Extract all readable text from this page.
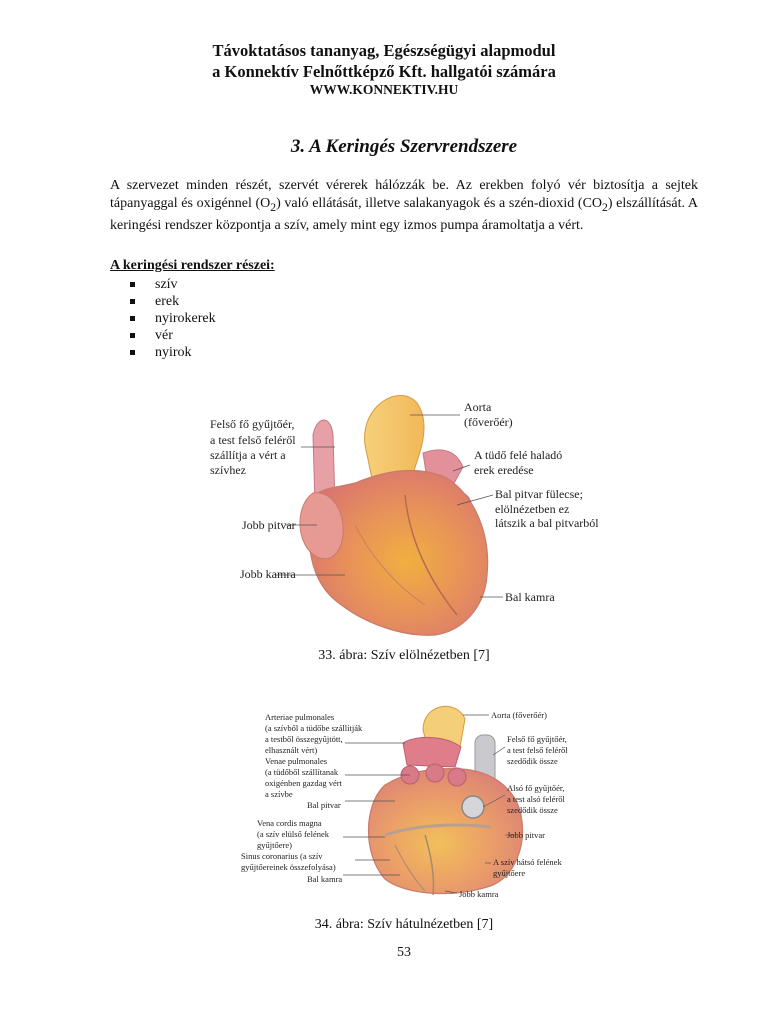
Távoktatásos tananyag, Egészségügyi alapmodul
a Konnektív Felnőttképző Kft. hallgatói számára
WWW.KONNEKTIV.HU
3. A Keringés Szervrendszere

A szervezet minden részét, szervét vérerek hálózzák be. Az erekben folyó vér biztosítja a sejtek tápanyaggal és oxigénnel $(O_2)$ való ellátását, illetve salakanyagok és a szén-dioxid $(CO_2)$ elszállítását. A keringési rendszer központja a szív, amely mint egy izmos pumpa áramoltatja a vért.

A keringési rendszer részei:
szív
erek
nyirokerek
vér
nyirok
Felső fő gyűjtőér,
a test felső feléről
szállítja a vért a
szívhez
Aorta
(főverőér)
A tüdő felé haladó
erek eredése
Bal pitvar fülecse;
elölnézetben ez
látszik a bal pitvarból
Jobb pitvar
Jobb kamra
Bal kamra
33. ábra: Szív elölnézetben [7]
Arteriae pulmonales
(a szívből a tüdőbe szállítják
a testből összegyűjtött,
elhasznált vért)
Venae pulmonales
(a tüdőből szállítanak
oxigénben gazdag vért
a szívbe
Bal pitvar
Vena cordis magna
(a szív elülső felének
gyűjtőere)
Sinus coronarius (a szív
gyűjtőereinek összefolyása)
Bal kamra
Aorta (főverőér)
Felső fő gyűjtőér,
a test felső feléről
szedődik össze
Alsó fő gyűjtőér,
a test alsó feléről
szedődik össze
Jobb pitvar
A szív hátsó felének
gyűjtőere
Jobb kamra
34. ábra: Szív hátulnézetben [7]
53
